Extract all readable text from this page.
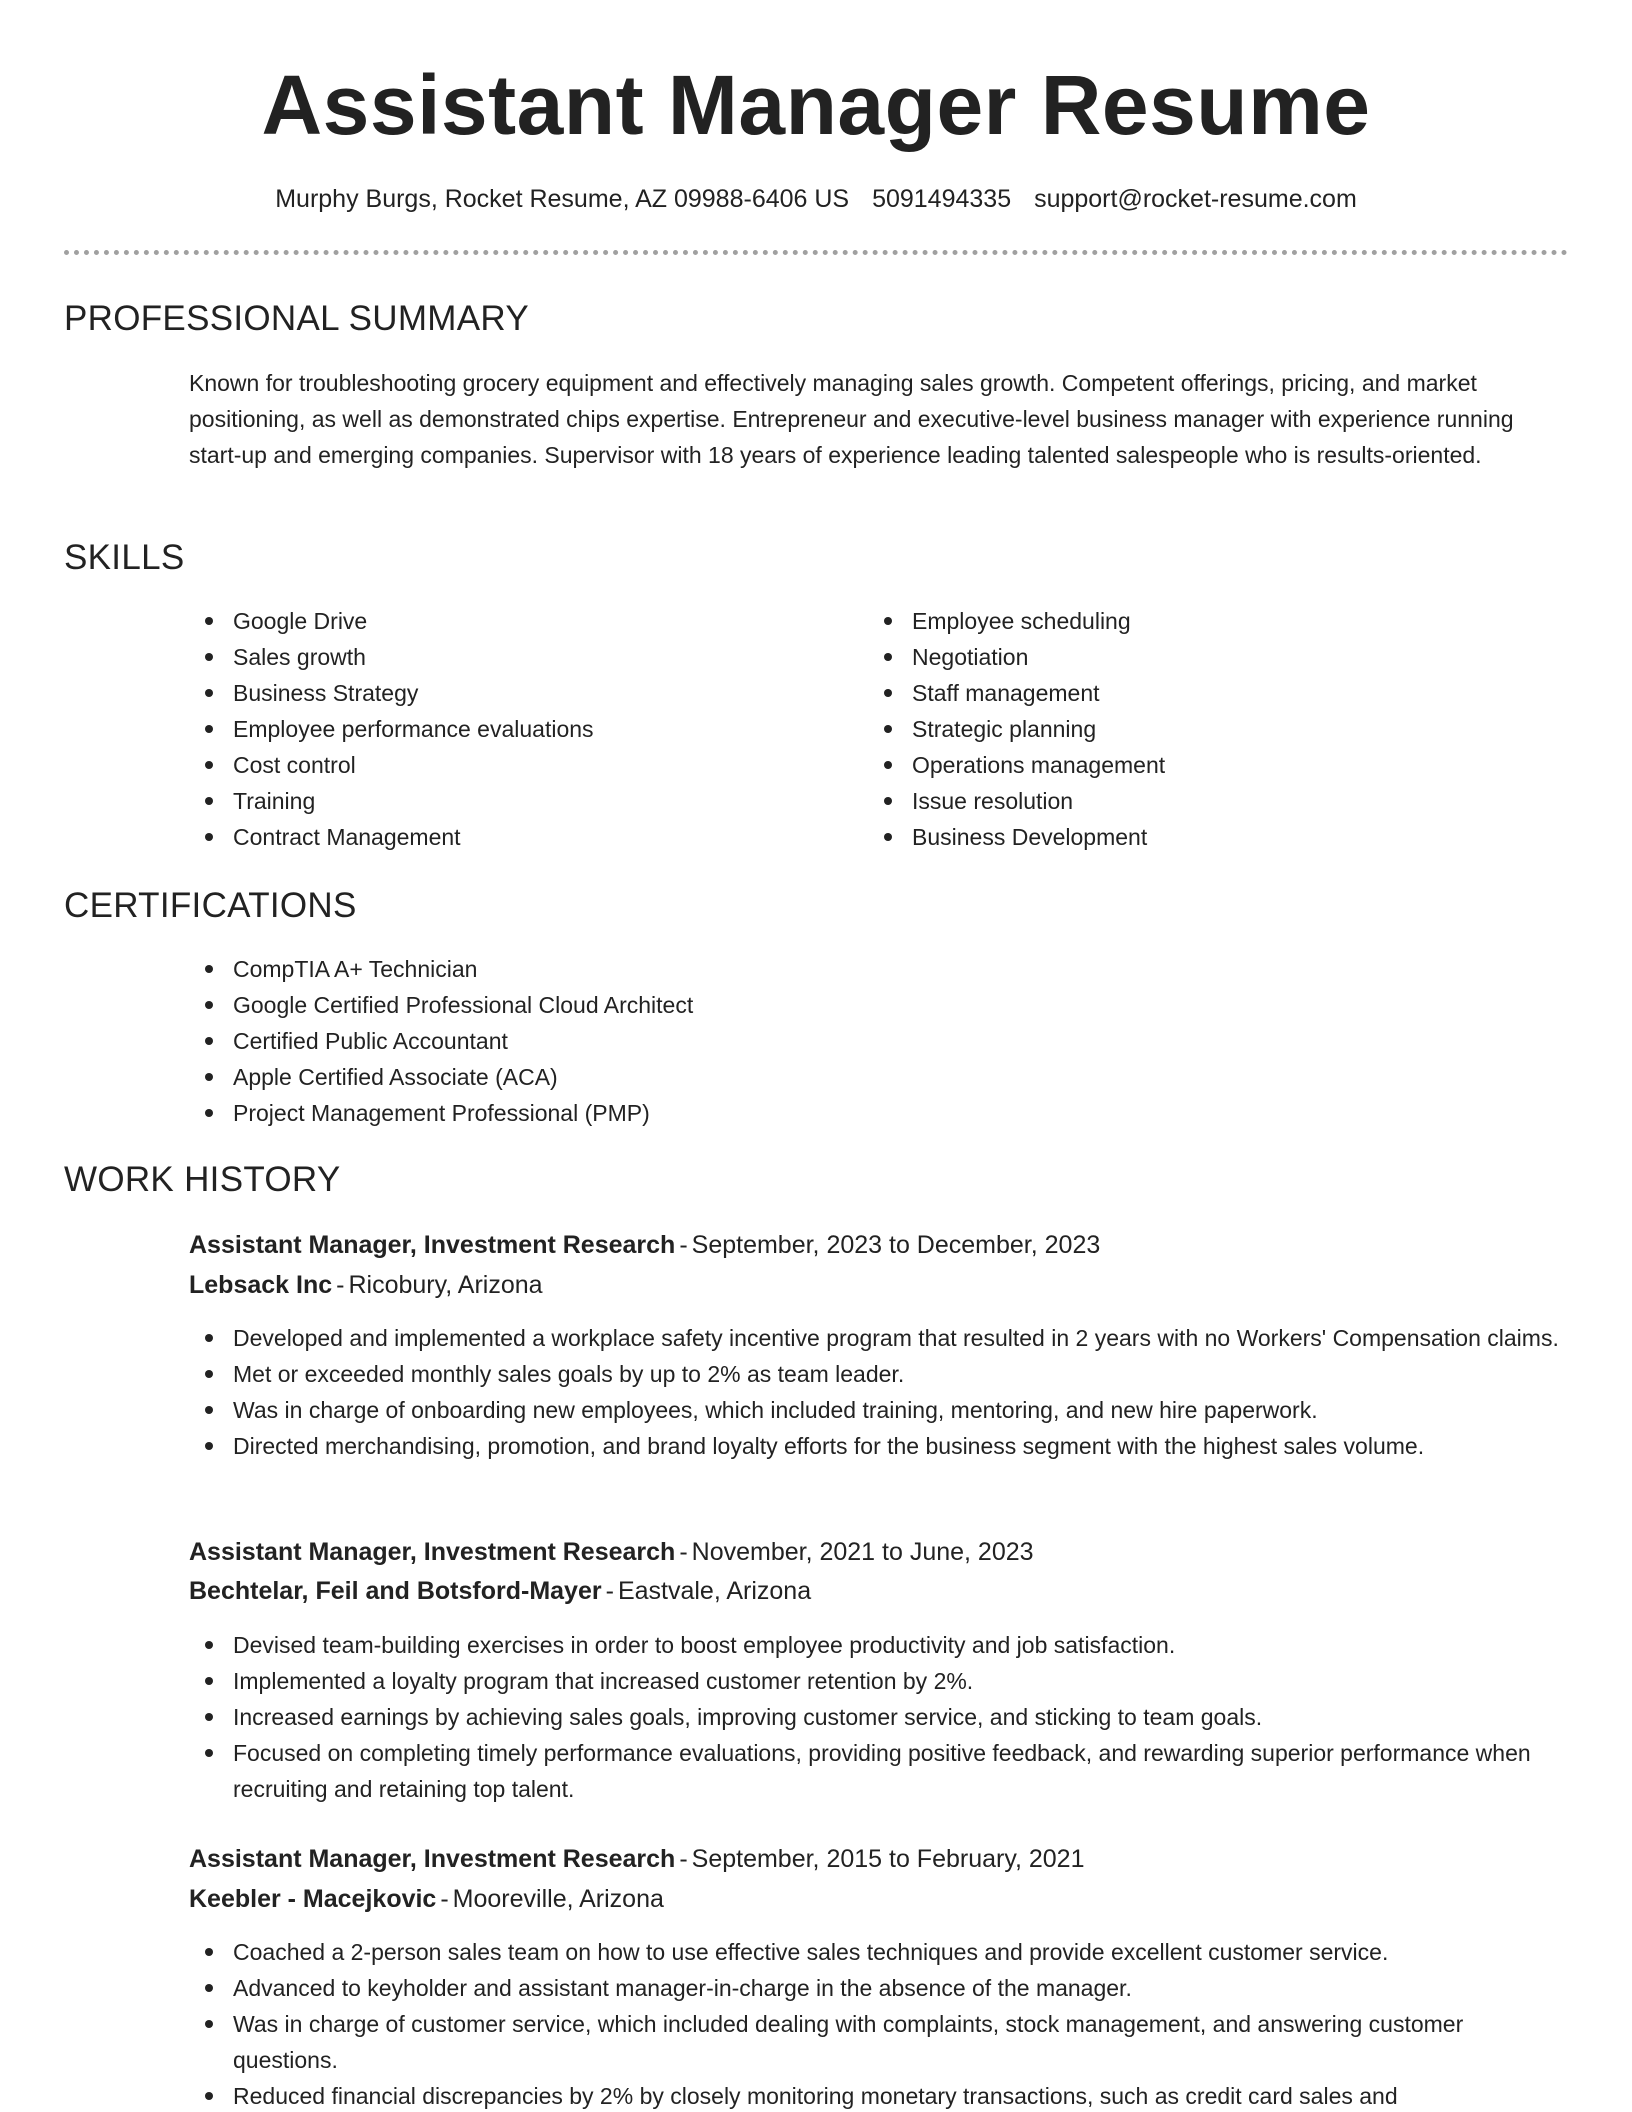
Assistant Manager Resume
Murphy Burgs, Rocket Resume, AZ 09988-6406 US 5091494335 support@rocket-resume.com
PROFESSIONAL SUMMARY

Known for troubleshooting grocery equipment and effectively managing sales growth. Competent offerings, pricing, and market positioning, as well as demonstrated chips expertise. Entrepreneur and executive-level business manager with experience running start-up and emerging companies. Supervisor with 18 years of experience leading talented salespeople who is results-oriented.

SKILLS
Google Drive
Sales growth
Business Strategy
Employee performance evaluations
Cost control
Training
Contract Management
Employee scheduling
Negotiation
Staff management
Strategic planning
Operations management
Issue resolution
Business Development
CERTIFICATIONS
CompTIA A+ Technician
Google Certified Professional Cloud Architect
Certified Public Accountant
Apple Certified Associate (ACA)
Project Management Professional (PMP)
WORK HISTORY
Assistant Manager, Investment Research - September, 2023 to December, 2023
Lebsack Inc - Ricobury, Arizona
Developed and implemented a workplace safety incentive program that resulted in 2 years with no Workers' Compensation claims.
Met or exceeded monthly sales goals by up to 2% as team leader.
Was in charge of onboarding new employees, which included training, mentoring, and new hire paperwork.
Directed merchandising, promotion, and brand loyalty efforts for the business segment with the highest sales volume.
Assistant Manager, Investment Research - November, 2021 to June, 2023
Bechtelar, Feil and Botsford-Mayer - Eastvale, Arizona
Devised team-building exercises in order to boost employee productivity and job satisfaction.
Implemented a loyalty program that increased customer retention by 2%.
Increased earnings by achieving sales goals, improving customer service, and sticking to team goals.
Focused on completing timely performance evaluations, providing positive feedback, and rewarding superior performance when recruiting and retaining top talent.
Assistant Manager, Investment Research - September, 2015 to February, 2021
Keebler - Macejkovic - Mooreville, Arizona
Coached a 2-person sales team on how to use effective sales techniques and provide excellent customer service.
Advanced to keyholder and assistant manager-in-charge in the absence of the manager.
Was in charge of customer service, which included dealing with complaints, stock management, and answering customer questions.
Reduced financial discrepancies by 2% by closely monitoring monetary transactions, such as credit card sales and
